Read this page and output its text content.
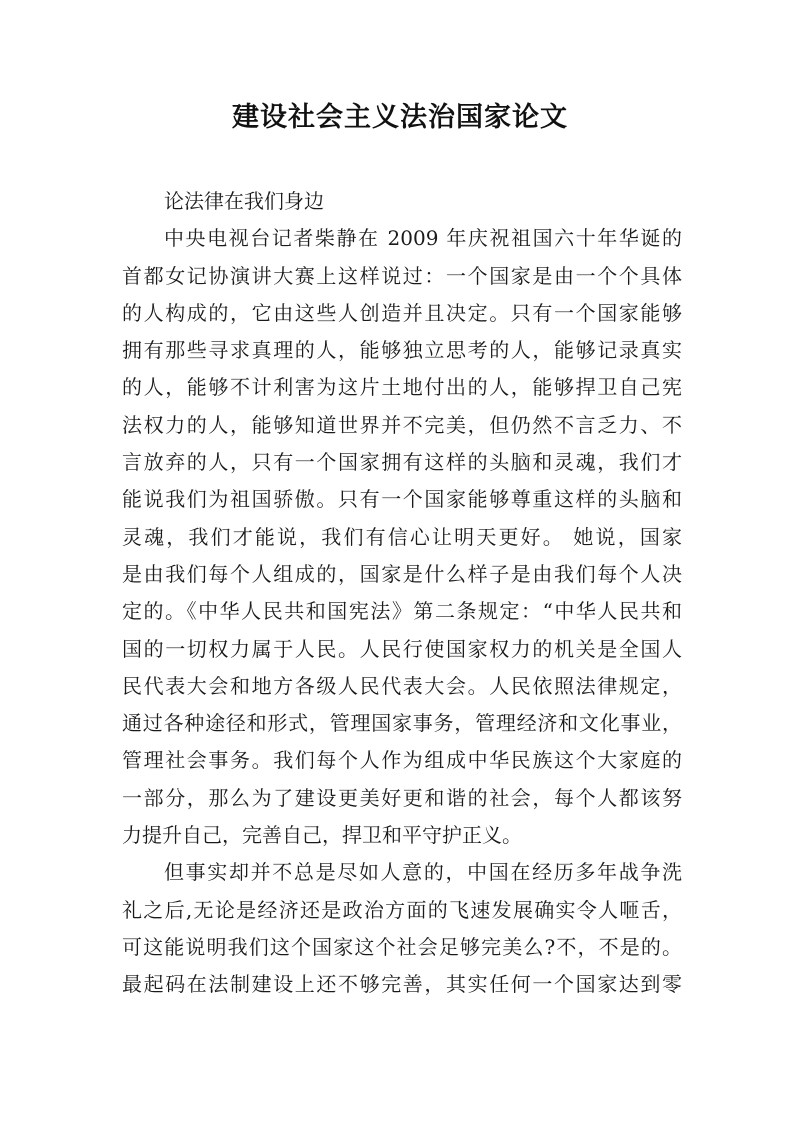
建设社会主义法治国家论文
论法律在我们身边
中央电视台记者柴静在 2009 年庆祝祖国六十年华诞的
首都女记协演讲大赛上这样说过：一个国家是由一个个具体
的人构成的，它由这些人创造并且决定。只有一个国家能够
拥有那些寻求真理的人，能够独立思考的人，能够记录真实
的人，能够不计利害为这片土地付出的人，能够捍卫自己宪
法权力的人，能够知道世界并不完美，但仍然不言乏力、不
言放弃的人，只有一个国家拥有这样的头脑和灵魂，我们才
能说我们为祖国骄傲。只有一个国家能够尊重这样的头脑和
灵魂，我们才能说，我们有信心让明天更好。 她说，国家
是由我们每个人组成的，国家是什么样子是由我们每个人决
定的。《中华人民共和国宪法》第二条规定：“中华人民共和
国的一切权力属于人民。人民行使国家权力的机关是全国人
民代表大会和地方各级人民代表大会。人民依照法律规定，
通过各种途径和形式，管理国家事务，管理经济和文化事业，
管理社会事务。我们每个人作为组成中华民族这个大家庭的
一部分，那么为了建设更美好更和谐的社会，每个人都该努
力提升自己，完善自己，捍卫和平守护正义。
但事实却并不总是尽如人意的，中国在经历多年战争洗
礼之后,无论是经济还是政治方面的飞速发展确实令人咂舌，
可这能说明我们这个国家这个社会足够完美么?不，不是的。
最起码在法制建设上还不够完善，其实任何一个国家达到零
